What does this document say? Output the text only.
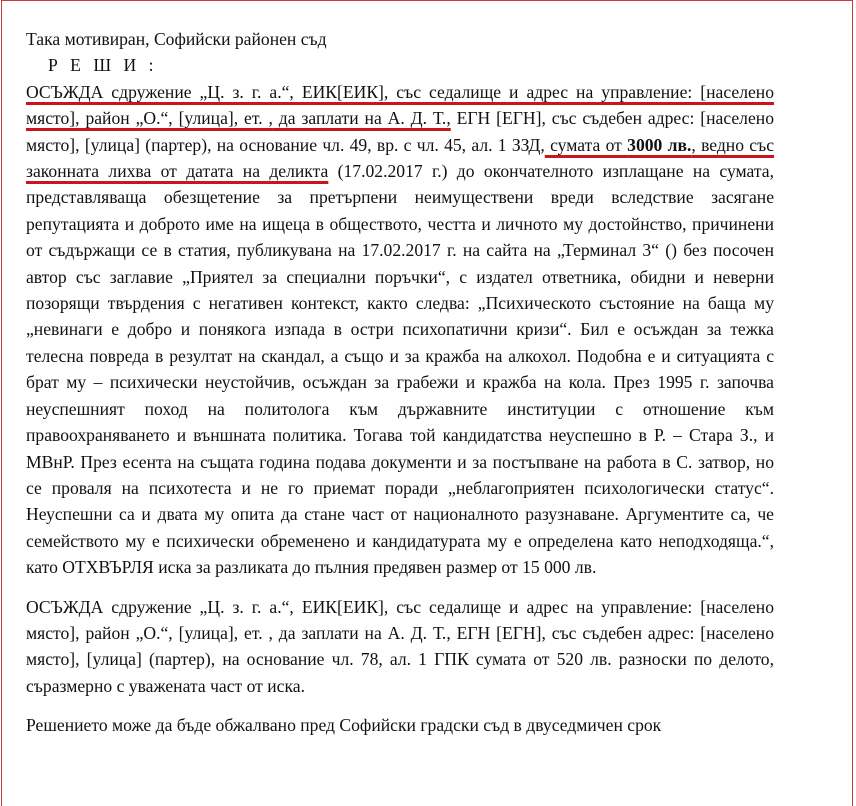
Така мотивиран, Софийски районен съд

Р Е Ш И :

ОСЪЖДА сдружение „Ц. з. г. а.“, ЕИК[ЕИК], със седалище и адрес на управление: [населено място], район „О.“, [улица], ет. , да заплати на А. Д. Т., ЕГН [ЕГН], със съдебен адрес: [населено място], [улица] (партер), на основание чл. 49, вр. с чл. 45, ал. 1 ЗЗД, сумата от 3000 лв., ведно със законната лихва от датата на деликта (17.02.2017 г.) до окончателното изплащане на сумата, представляваща обезщетение за претърпени неимуществени вреди вследствие засягане репутацията и доброто име на ищеца в обществото, честта и личното му достойнство, причинени от съдържащи се в статия, публикувана на 17.02.2017 г. на сайта на „Терминал 3“ () без посочен автор със заглавие „Приятел за специални поръчки“, с издател ответника, обидни и неверни позорящи твърдения с негативен контекст, както следва: „Психическото състояние на баща му „невинаги е добро и понякога изпада в остри психопатични кризи“. Бил е осъждан за тежка телесна повреда в резултат на скандал, а също и за кражба на алкохол. Подобна е и ситуацията с брат му – психически неустойчив, осъждан за грабежи и кражба на кола. През 1995 г. започва неуспешният поход на политолога към държавните институции с отношение към правоохраняването и външната политика. Тогава той кандидатства неуспешно в Р. – Стара З., и МВнР. През есента на същата година подава документи и за постъпване на работа в С. затвор, но се проваля на психотеста и не го приемат поради „неблагоприятен психологически статус“. Неуспешни са и двата му опита да стане част от националното разузнаване. Аргументите са, че семейството му е психически обременено и кандидатурата му е определена като неподходяща.“, като ОТХВЪРЛЯ иска за разликата до пълния предявен размер от 15 000 лв.

ОСЪЖДА сдружение „Ц. з. г. а.“, ЕИК[ЕИК], със седалище и адрес на управление: [населено място], район „О.“, [улица], ет. , да заплати на А. Д. Т., ЕГН [ЕГН], със съдебен адрес: [населено място], [улица] (партер), на основание чл. 78, ал. 1 ГПК сумата от 520 лв. разноски по делото, съразмерно с уважената част от иска.

Решението може да бъде обжалвано пред Софийски градски съд в двуседмичен срок
